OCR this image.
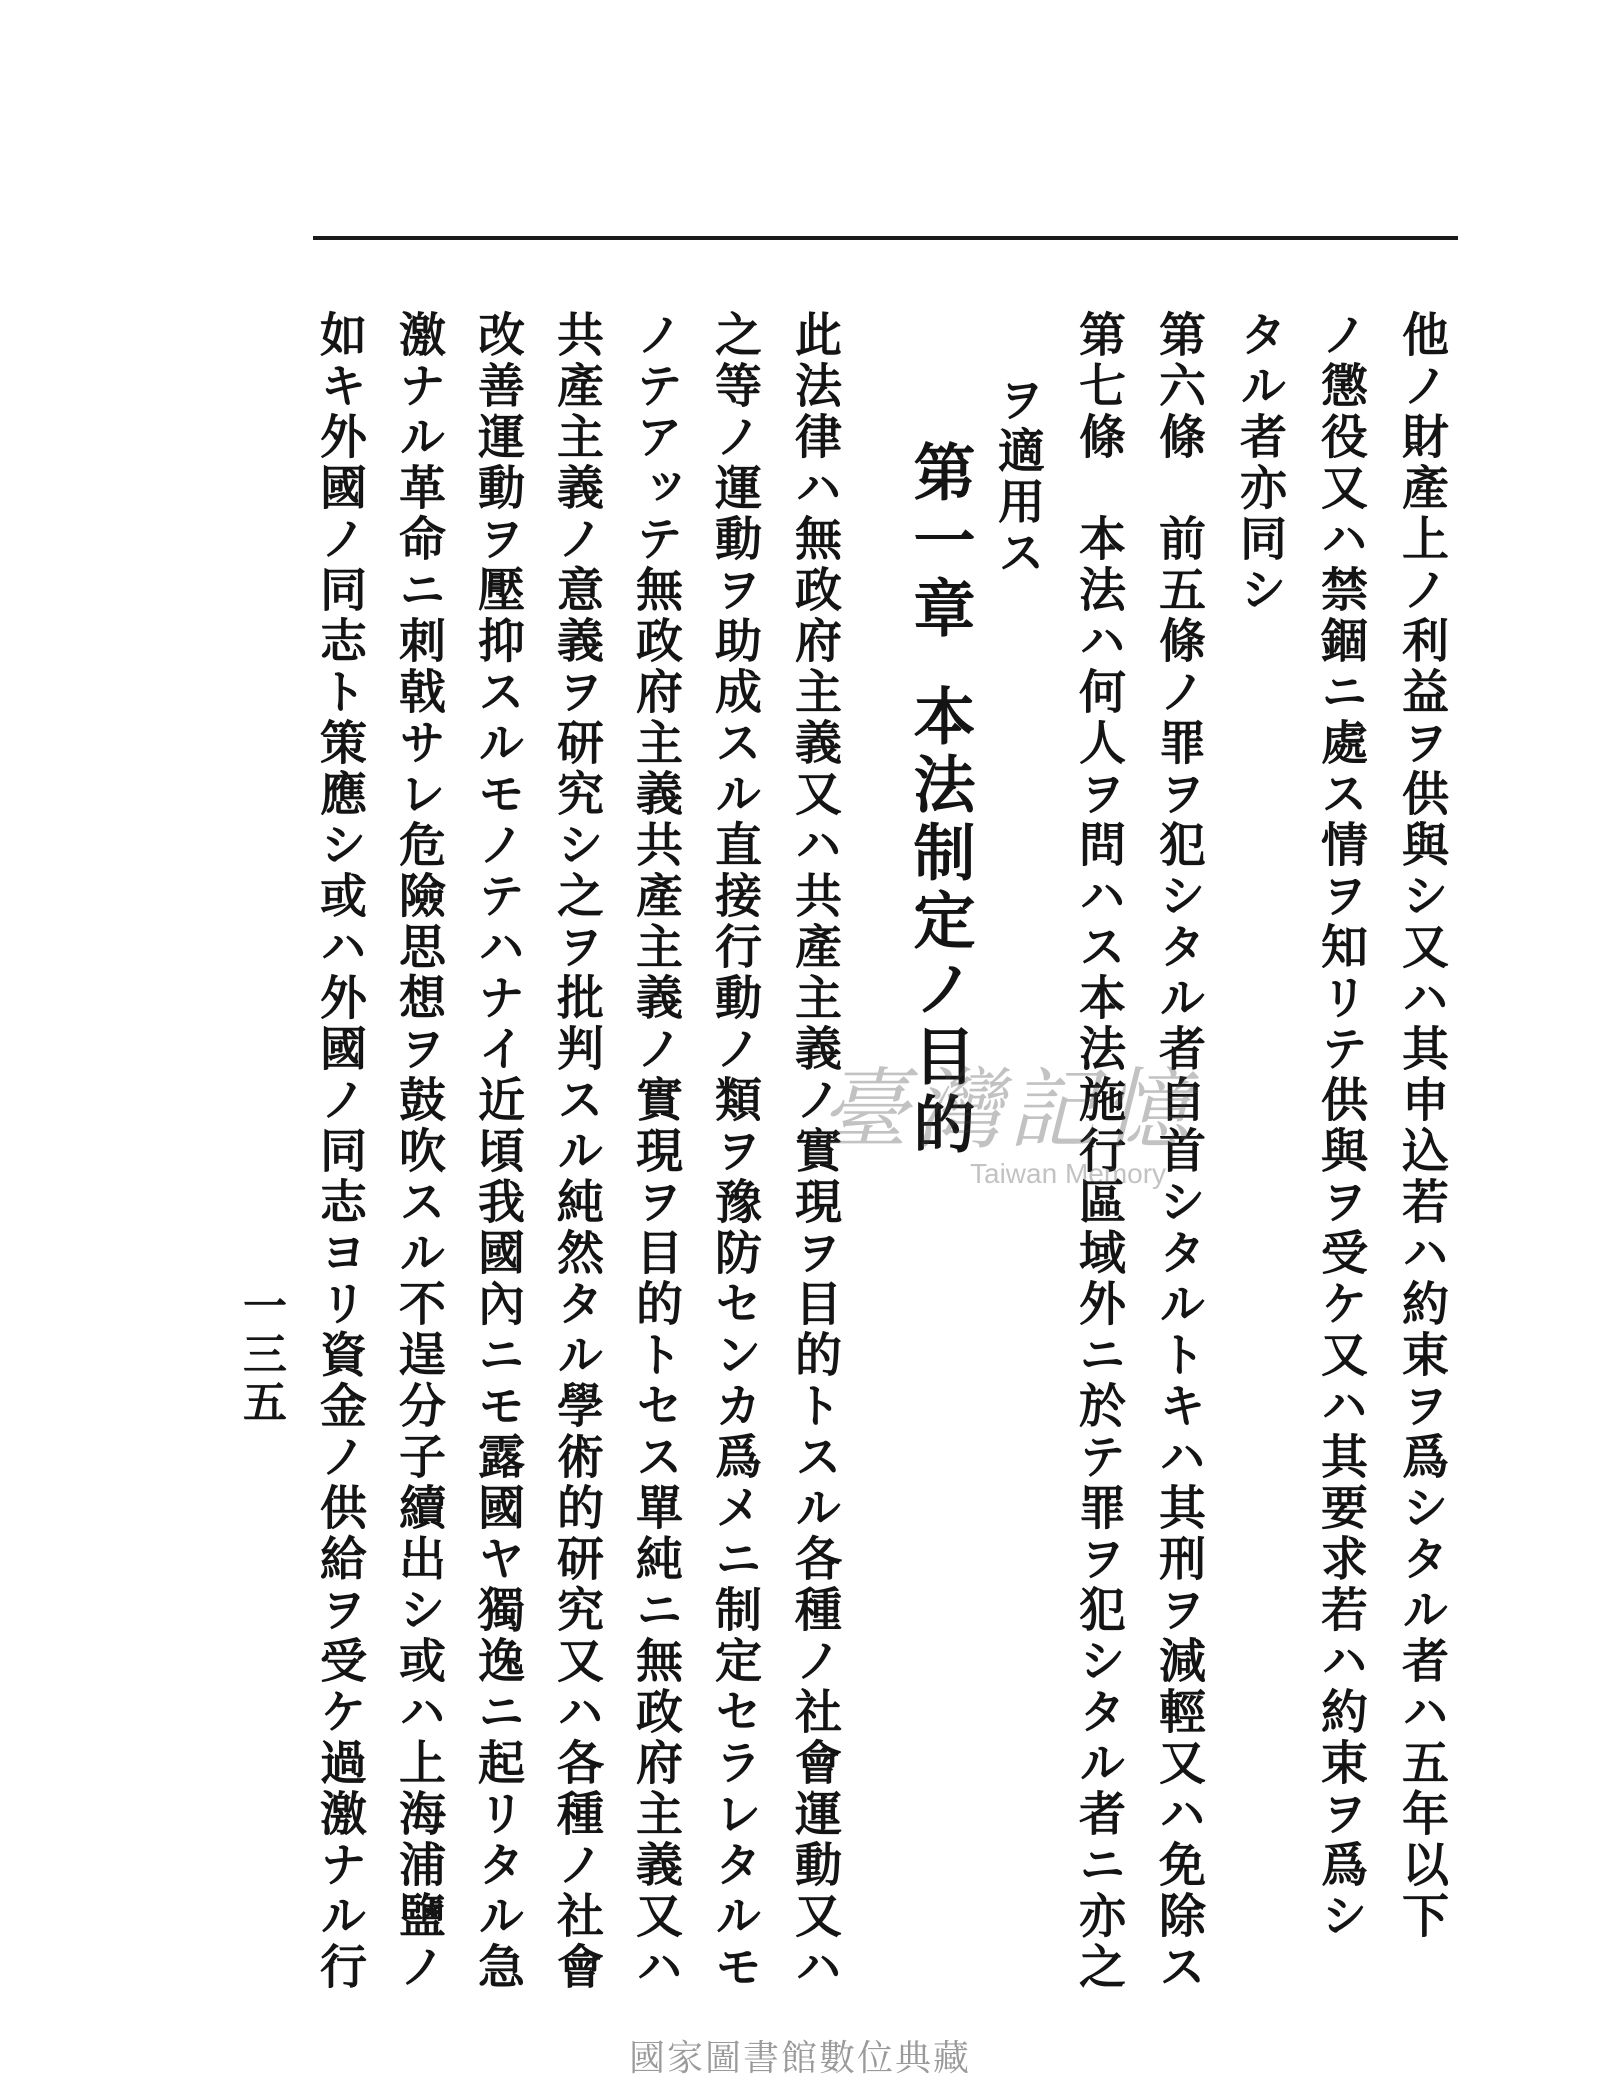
他ノ財產上ノ利益ヲ供與シ又ハ其申込若ハ約束ヲ爲シタル者ハ五年以下
ノ懲役又ハ禁錮ニ處ス情ヲ知リテ供與ヲ受ケ又ハ其要求若ハ約束ヲ爲シ
タル者亦同シ
第六條　前五條ノ罪ヲ犯シタル者自首シタルトキハ其刑ヲ減輕又ハ免除ス
第七條　本法ハ何人ヲ問ハス本法施行區域外ニ於テ罪ヲ犯シタル者ニ亦之
ヲ適用ス
第一章本法制定ノ目的
此法律ハ無政府主義又ハ共產主義ノ實現ヲ目的トスル各種ノ社會運動又ハ
之等ノ運動ヲ助成スル直接行動ノ類ヲ豫防センカ爲メニ制定セラレタルモ
ノテアッテ無政府主義共產主義ノ實現ヲ目的トセス單純ニ無政府主義又ハ
共產主義ノ意義ヲ研究シ之ヲ批判スル純然タル學術的研究又ハ各種ノ社會
改善運動ヲ壓抑スルモノテハナイ近頃我國內ニモ露國ヤ獨逸ニ起リタル急
激ナル革命ニ刺戟サレ危險思想ヲ鼓吹スル不逞分子續出シ或ハ上海浦鹽ノ
如キ外國ノ同志ト策應シ或ハ外國ノ同志ヨリ資金ノ供給ヲ受ケ過激ナル行
一三五
臺灣記憶
Taiwan Memory
國家圖書館數位典藏
